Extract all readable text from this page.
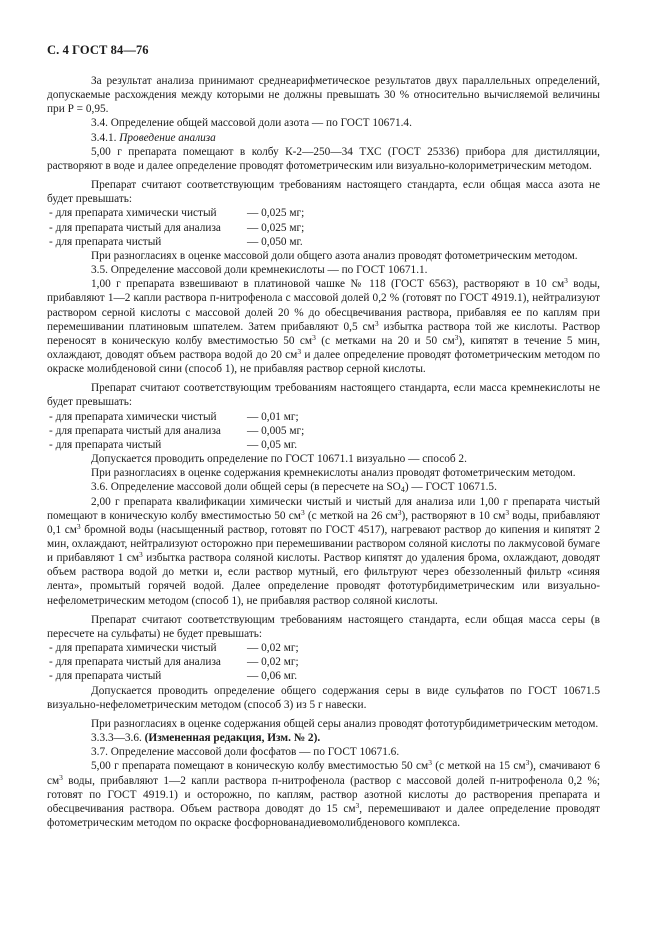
С. 4 ГОСТ 84—76

За результат анализа принимают среднеарифметическое результатов двух параллельных определений, допускаемые расхождения между которыми не должны превышать 30 % относительно вычисляемой величины при Р = 0,95.

3.4. Определение общей массовой доли азота — по ГОСТ 10671.4.

3.4.1. Проведение анализа

5,00 г препарата помещают в колбу К-2—250—34 ТХС (ГОСТ 25336) прибора для дистилляции, растворяют в воде и далее определение проводят фотометрическим или визуально-колориметрическим методом.

Препарат считают соответствующим требованиям настоящего стандарта, если общая масса азота не будет превышать:

- для препарата химически чистый	— 0,025 мг;
- для препарата чистый для анализа	— 0,025 мг;
- для препарата чистый	— 0,050 мг.

При разногласиях в оценке массовой доли общего азота анализ проводят фотометрическим методом.

3.5. Определение массовой доли кремнекислоты — по ГОСТ 10671.1.

1,00 г препарата взвешивают в платиновой чашке № 118 (ГОСТ 6563), растворяют в 10 $см^3$ воды, прибавляют 1—2 капли раствора п-нитрофенола с массовой долей 0,2 % (готовят по ГОСТ 4919.1), нейтрализуют раствором серной кислоты с массовой долей 20 % до обесцвечивания раствора, прибавляя ее по каплям при перемешивании платиновым шпателем. Затем прибавляют 0,5 $см^3$ избытка раствора той же кислоты. Раствор переносят в коническую колбу вместимостью 50 $см^3$ (с метками на 20 и 50 $см^3$), кипятят в течение 5 мин, охлаждают, доводят объем раствора водой до 20 $см^3$ и далее определение проводят фотометрическим методом по окраске молибденовой сини (способ 1), не прибавляя раствор серной кислоты.

Препарат считают соответствующим требованиям настоящего стандарта, если масса кремнекислоты не будет превышать:

- для препарата химически чистый	— 0,01 мг;
- для препарата чистый для анализа	— 0,005 мг;
- для препарата чистый	— 0,05 мг.

Допускается проводить определение по ГОСТ 10671.1 визуально — способ 2.

При разногласиях в оценке содержания кремнекислоты анализ проводят фотометрическим методом.

3.6. Определение массовой доли общей серы (в пересчете на $SO_4$) — ГОСТ 10671.5.

2,00 г препарата квалификации химически чистый и чистый для анализа или 1,00 г препарата чистый помещают в коническую колбу вместимостью 50 $см^3$ (с меткой на 26 $см^3$), растворяют в 10 $см^3$ воды, прибавляют 0,1 $см^3$ бромной воды (насыщенный раствор, готовят по ГОСТ 4517), нагревают раствор до кипения и кипятят 2 мин, охлаждают, нейтрализуют осторожно при перемешивании раствором соляной кислоты по лакмусовой бумаге и прибавляют 1 $см^3$ избытка раствора соляной кислоты. Раствор кипятят до удаления брома, охлаждают, доводят объем раствора водой до метки и, если раствор мутный, его фильтруют через обеззоленный фильтр «синяя лента», промытый горячей водой. Далее определение проводят фототурбидиметрическим или визуально-нефелометрическим методом (способ 1), не прибавляя раствор соляной кислоты.

Препарат считают соответствующим требованиям настоящего стандарта, если общая масса серы (в пересчете на сульфаты) не будет превышать:

- для препарата химически чистый	— 0,02 мг;
- для препарата чистый для анализа	— 0,02 мг;
- для препарата чистый	— 0,06 мг.

Допускается проводить определение общего содержания серы в виде сульфатов по ГОСТ 10671.5 визуально-нефелометрическим методом (способ 3) из 5 г навески.

При разногласиях в оценке содержания общей серы анализ проводят фототурбидиметрическим методом.

3.3.3—3.6. (Измененная редакция, Изм. № 2).

3.7. Определение массовой доли фосфатов — по ГОСТ 10671.6.

5,00 г препарата помещают в коническую колбу вместимостью 50 $см^3$ (с меткой на 15 $см^3$), смачивают 6 $см^3$ воды, прибавляют 1—2 капли раствора п-нитрофенола (раствор с массовой долей п-нитрофенола 0,2 %; готовят по ГОСТ 4919.1) и осторожно, по каплям, раствор азотной кислоты до растворения препарата и обесцвечивания раствора. Объем раствора доводят до 15 $см^3$, перемешивают и далее определение проводят фотометрическим методом по окраске фосфорнованадиевомолибденового комплекса.
